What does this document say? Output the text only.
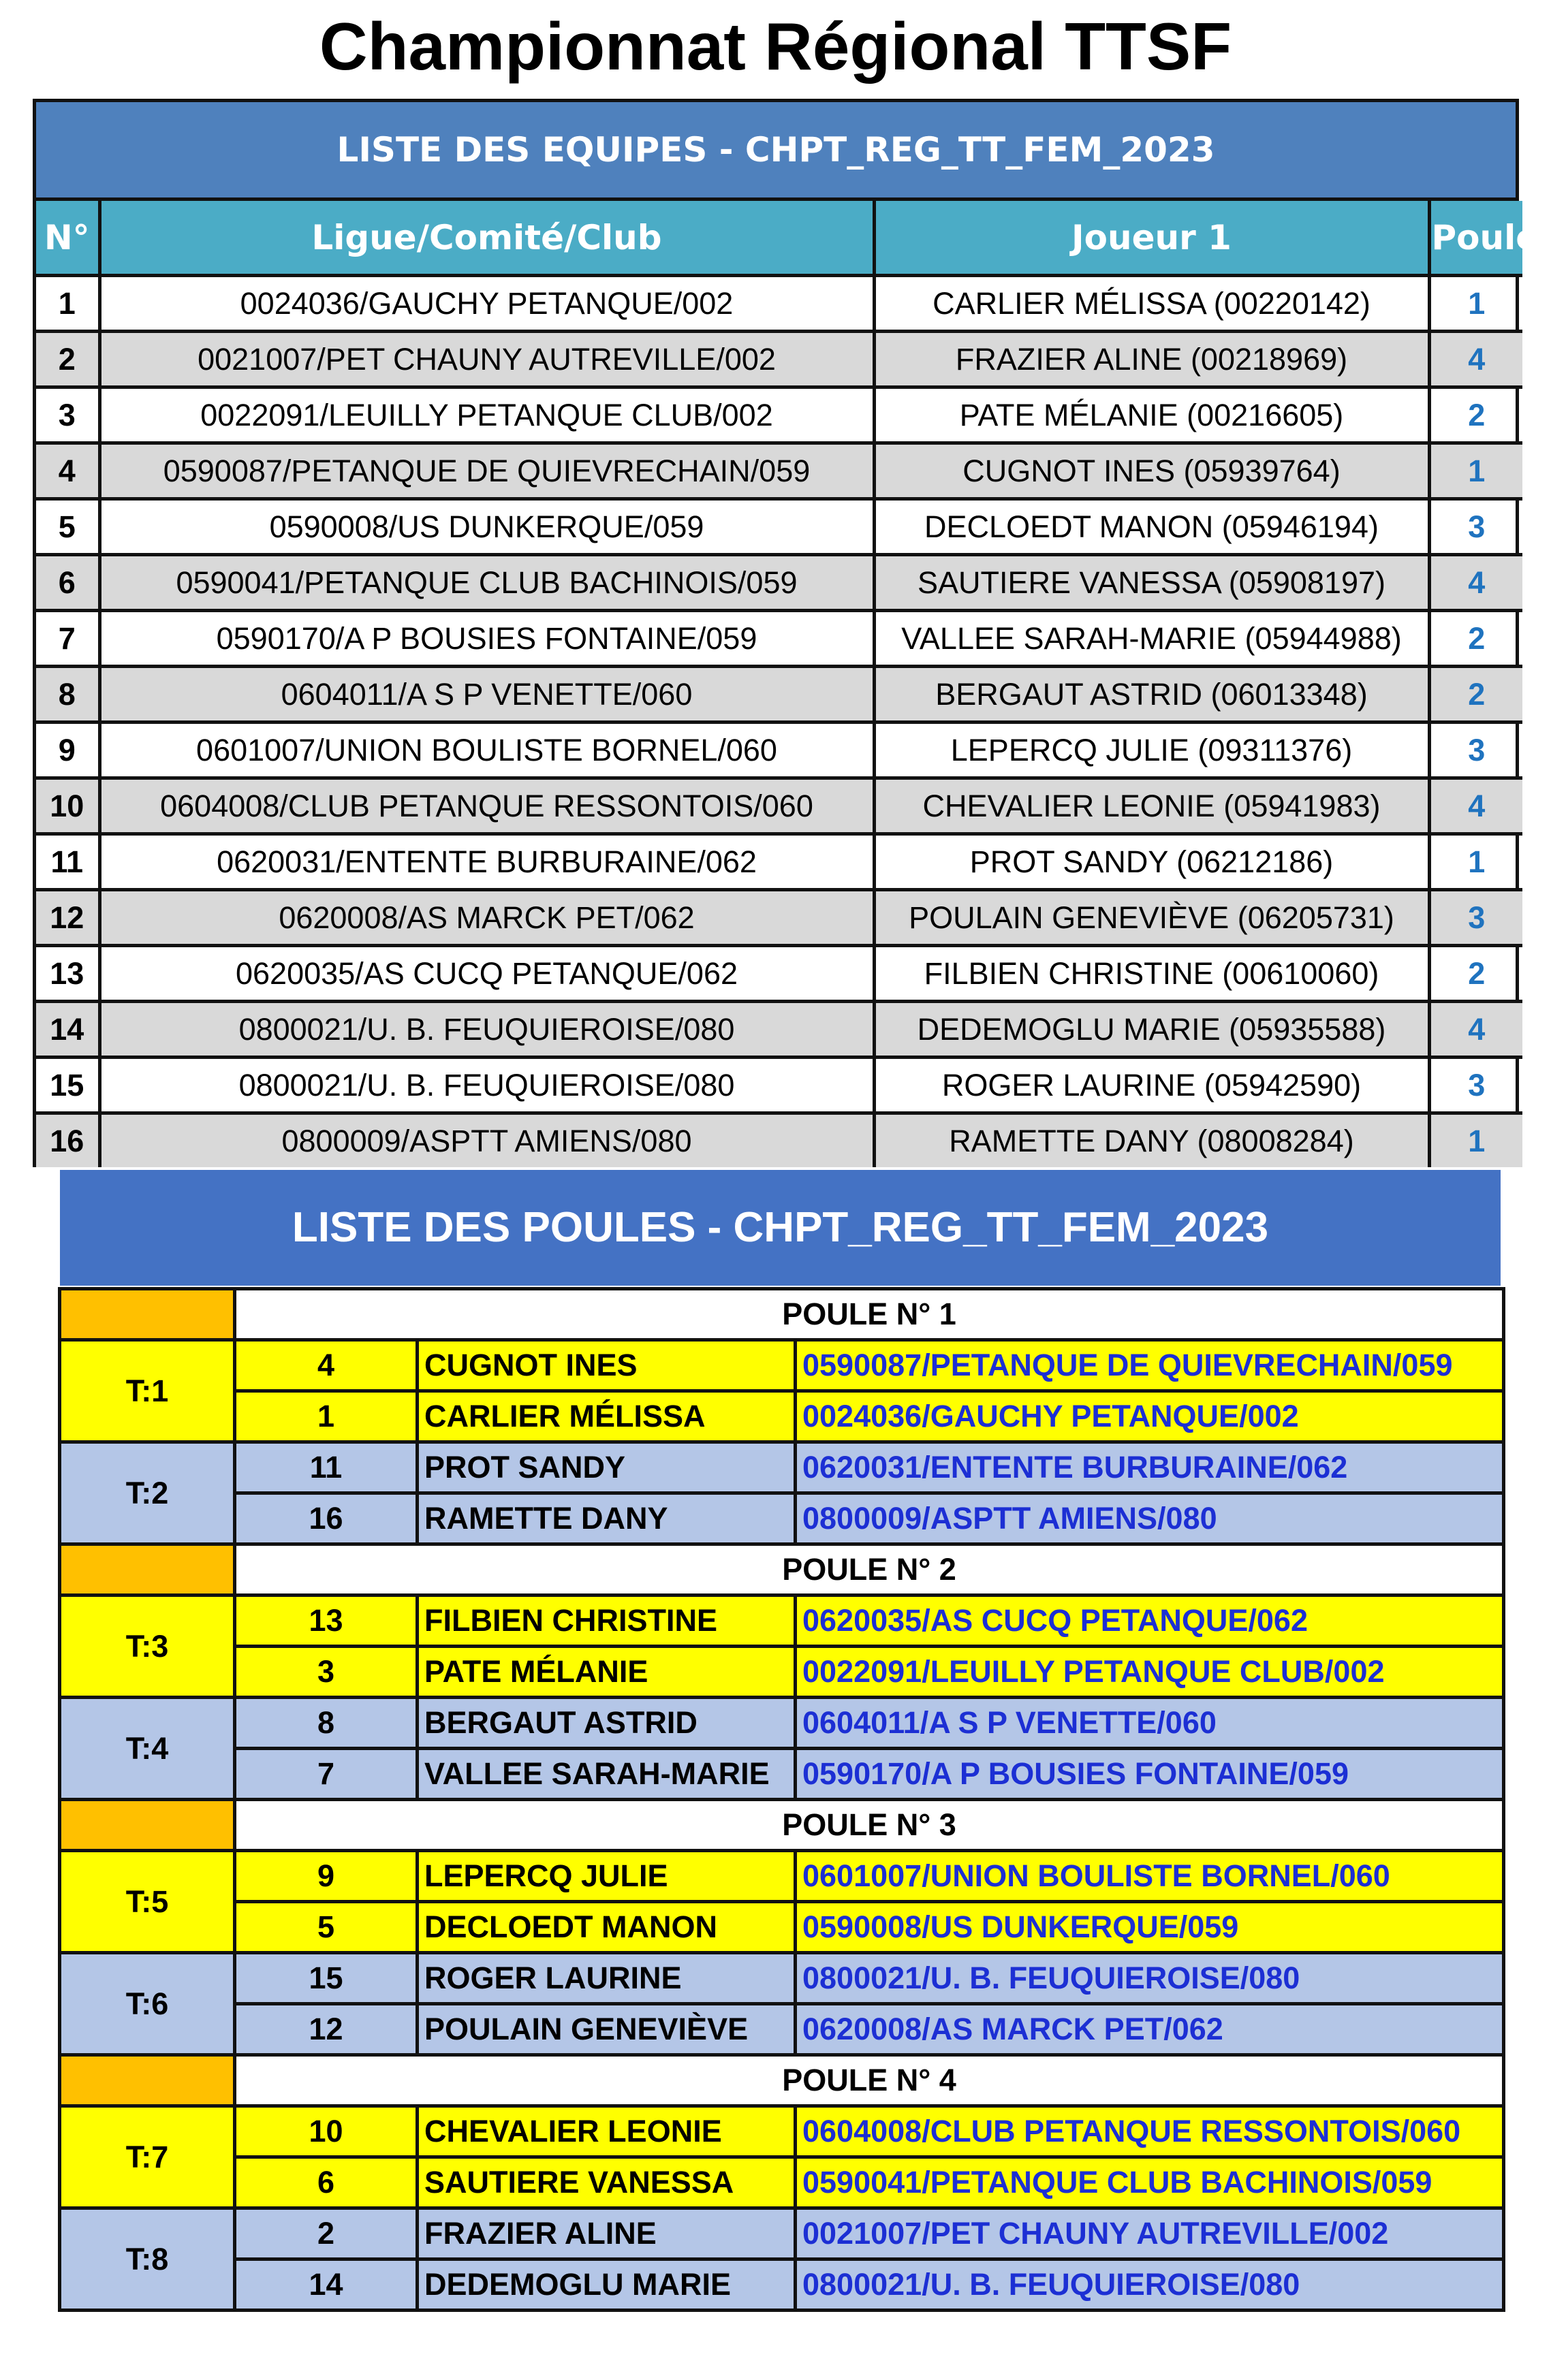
Championnat Régional TTSF
LISTE DES EQUIPES - CHPT_REG_TT_FEM_2023
N°	Ligue/Comité/Club	Joueur 1	Poule
1	0024036/GAUCHY PETANQUE/002	CARLIER MÉLISSA (00220142)	1
2	0021007/PET CHAUNY AUTREVILLE/002	FRAZIER ALINE (00218969)	4
3	0022091/LEUILLY PETANQUE CLUB/002	PATE MÉLANIE (00216605)	2
4	0590087/PETANQUE DE QUIEVRECHAIN/059	CUGNOT INES (05939764)	1
5	0590008/US DUNKERQUE/059	DECLOEDT MANON (05946194)	3
6	0590041/PETANQUE CLUB BACHINOIS/059	SAUTIERE VANESSA (05908197)	4
7	0590170/A P BOUSIES FONTAINE/059	VALLEE SARAH-MARIE (05944988)	2
8	0604011/A S P VENETTE/060	BERGAUT ASTRID (06013348)	2
9	0601007/UNION BOULISTE BORNEL/060	LEPERCQ JULIE (09311376)	3
10	0604008/CLUB PETANQUE RESSONTOIS/060	CHEVALIER LEONIE (05941983)	4
11	0620031/ENTENTE BURBURAINE/062	PROT SANDY (06212186)	1
12	0620008/AS MARCK PET/062	POULAIN GENEVIÈVE (06205731)	3
13	0620035/AS CUCQ PETANQUE/062	FILBIEN CHRISTINE (00610060)	2
14	0800021/U. B. FEUQUIEROISE/080	DEDEMOGLU MARIE (05935588)	4
15	0800021/U. B. FEUQUIEROISE/080	ROGER LAURINE (05942590)	3
16	0800009/ASPTT AMIENS/080	RAMETTE DANY (08008284)	1
LISTE DES POULES - CHPT_REG_TT_FEM_2023
	POULE N° 1		
T:1	4	CUGNOT INES	0590087/PETANQUE DE QUIEVRECHAIN/059
	1	CARLIER MÉLISSA	0024036/GAUCHY PETANQUE/002
T:2	11	PROT SANDY	0620031/ENTENTE BURBURAINE/062
	16	RAMETTE DANY	0800009/ASPTT AMIENS/080
	POULE N° 2		
T:3	13	FILBIEN CHRISTINE	0620035/AS CUCQ PETANQUE/062
	3	PATE MÉLANIE	0022091/LEUILLY PETANQUE CLUB/002
T:4	8	BERGAUT ASTRID	0604011/A S P VENETTE/060
	7	VALLEE SARAH-MARIE	0590170/A P BOUSIES FONTAINE/059
	POULE N° 3		
T:5	9	LEPERCQ JULIE	0601007/UNION BOULISTE BORNEL/060
	5	DECLOEDT MANON	0590008/US DUNKERQUE/059
T:6	15	ROGER LAURINE	0800021/U. B. FEUQUIEROISE/080
	12	POULAIN GENEVIÈVE	0620008/AS MARCK PET/062
	POULE N° 4		
T:7	10	CHEVALIER LEONIE	0604008/CLUB PETANQUE RESSONTOIS/060
	6	SAUTIERE VANESSA	0590041/PETANQUE CLUB BACHINOIS/059
T:8	2	FRAZIER ALINE	0021007/PET CHAUNY AUTREVILLE/002
	14	DEDEMOGLU MARIE	0800021/U. B. FEUQUIEROISE/080
